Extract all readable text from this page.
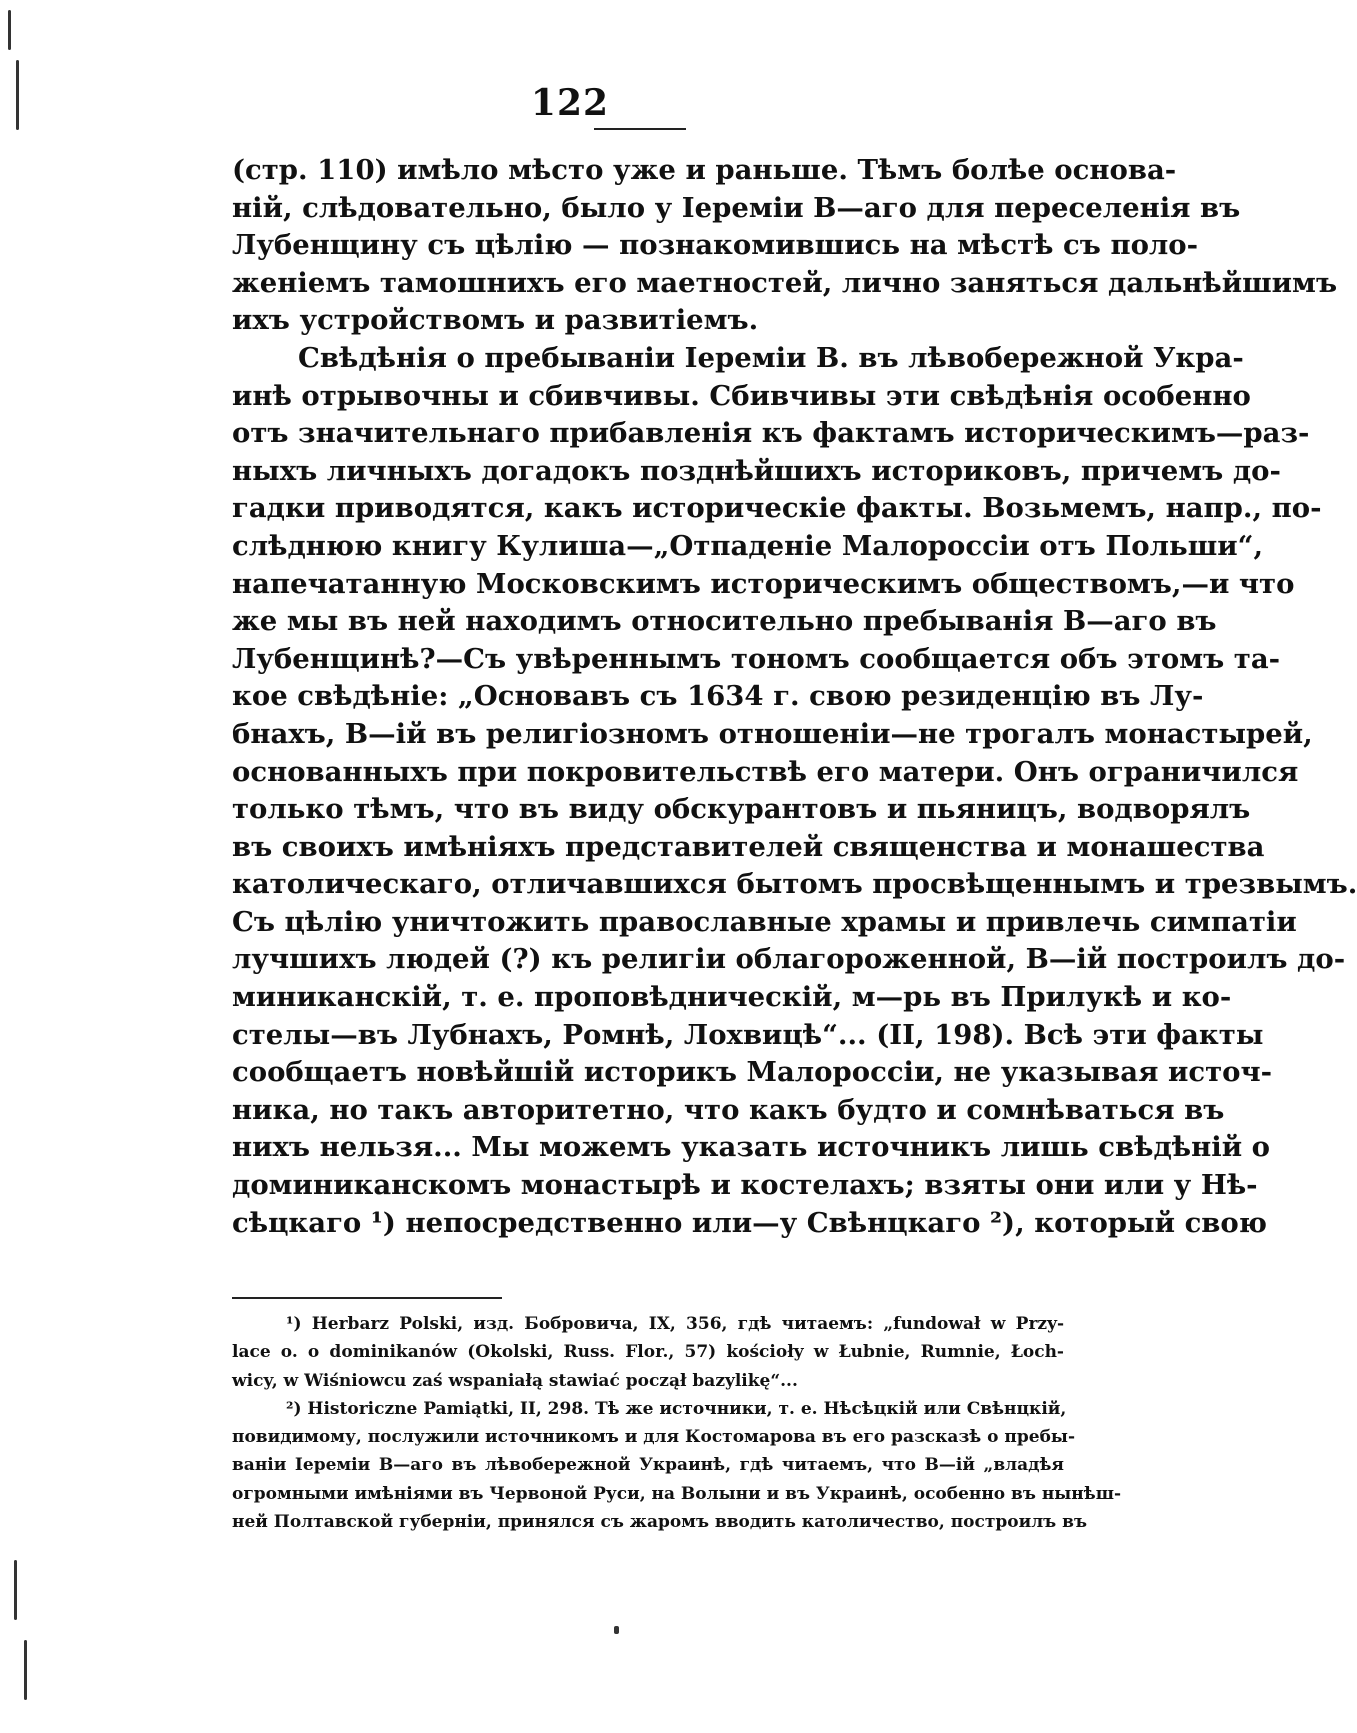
122
(стр. 110) имѣло мѣсто уже и раньше. Тѣмъ болѣе основа-
ній, слѣдовательно, было у Іереміи В—аго для переселенія въ
Лубенщину съ цѣлію — познакомившись на мѣстѣ съ поло-
женіемъ тамошнихъ его маетностей, лично заняться дальнѣйшимъ
ихъ устройствомъ и развитіемъ.
Свѣдѣнія о пребываніи Іереміи В. въ лѣвобережной Укра-
инѣ отрывочны и сбивчивы. Сбивчивы эти свѣдѣнія особенно
отъ значительнаго прибавленія къ фактамъ историческимъ—раз-
ныхъ личныхъ догадокъ позднѣйшихъ историковъ, причемъ до-
гадки приводятся, какъ историческіе факты. Возьмемъ, напр., по-
слѣднюю книгу Кулиша—„Отпаденіе Малороссіи отъ Польши“,
напечатанную Московскимъ историческимъ обществомъ,—и что
же мы въ ней находимъ относительно пребыванія В—аго въ
Лубенщинѣ?—Съ увѣреннымъ тономъ сообщается объ этомъ та-
кое свѣдѣніе: „Основавъ съ 1634 г. свою резиденцію въ Лу-
бнахъ, В—ій въ религіозномъ отношеніи—не трогалъ монастырей,
основанныхъ при покровительствѣ его матери. Онъ ограничился
только тѣмъ, что въ виду обскурантовъ и пьяницъ, водворялъ
въ своихъ имѣніяхъ представителей священства и монашества
католическаго, отличавшихся бытомъ просвѣщеннымъ и трезвымъ.
Съ цѣлію уничтожить православные храмы и привлечь симпатіи
лучшихъ людей (?) къ религіи облагороженной, В—ій построилъ до-
миниканскій, т. е. проповѣдническій, м—рь въ Прилукѣ и ко-
стелы—въ Лубнахъ, Ромнѣ, Лохвицѣ“... (II, 198). Всѣ эти факты
сообщаетъ новѣйшій историкъ Малороссіи, не указывая источ-
ника, но такъ авторитетно, что какъ будто и сомнѣваться въ
нихъ нельзя... Мы можемъ указать источникъ лишь свѣдѣній о
доминиканскомъ монастырѣ и костелахъ; взяты они или у Нѣ-
сѣцкаго ¹) непосредственно или—у Свѣнцкаго ²), который свою
¹) Herbarz Polski, изд. Бобровича, IX, 356, гдѣ читаемъ: „fundował w Przy-
lace o. o dominikanów (Okolski, Russ. Flor., 57) kościoły w Łubnie, Rumnie, Łoch-
wicy, w Wiśniowcu zaś wspaniałą stawiać począł bazylikę“...
²) Historiczne Pamiątki, II, 298. Тѣ же источники, т. е. Нѣсѣцкій или Свѣнцкій,
повидимому, послужили источникомъ и для Костомарова въ его разсказѣ о пребы-
ваніи Іереміи В—аго въ лѣвобережной Украинѣ, гдѣ читаемъ, что В—ій „владѣя
огромными имѣніями въ Червоной Руси, на Волыни и въ Украинѣ, особенно въ нынѣш-
ней Полтавской губерніи, принялся съ жаромъ вводить католичество, построилъ въ
